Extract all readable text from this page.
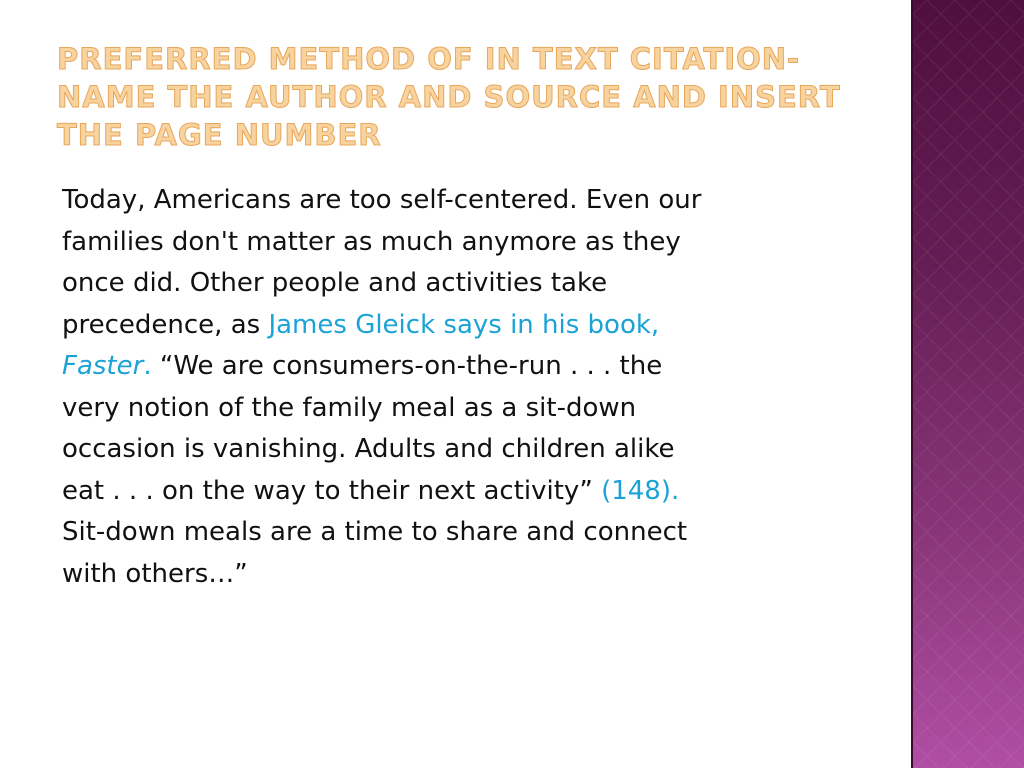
PREFERRED METHOD OF IN TEXT CITATION- NAME THE AUTHOR AND SOURCE AND INSERT THE PAGE NUMBER

Today, Americans are too self-centered. Even our families don't matter as much anymore as they once did. Other people and activities take precedence, as James Gleick says in his book, Faster. “We are consumers-on-the-run . . . the very notion of the family meal as a sit-down occasion is vanishing. Adults and children alike eat . . . on the way to their next activity” (148). Sit-down meals are a time to share and connect with others…”
